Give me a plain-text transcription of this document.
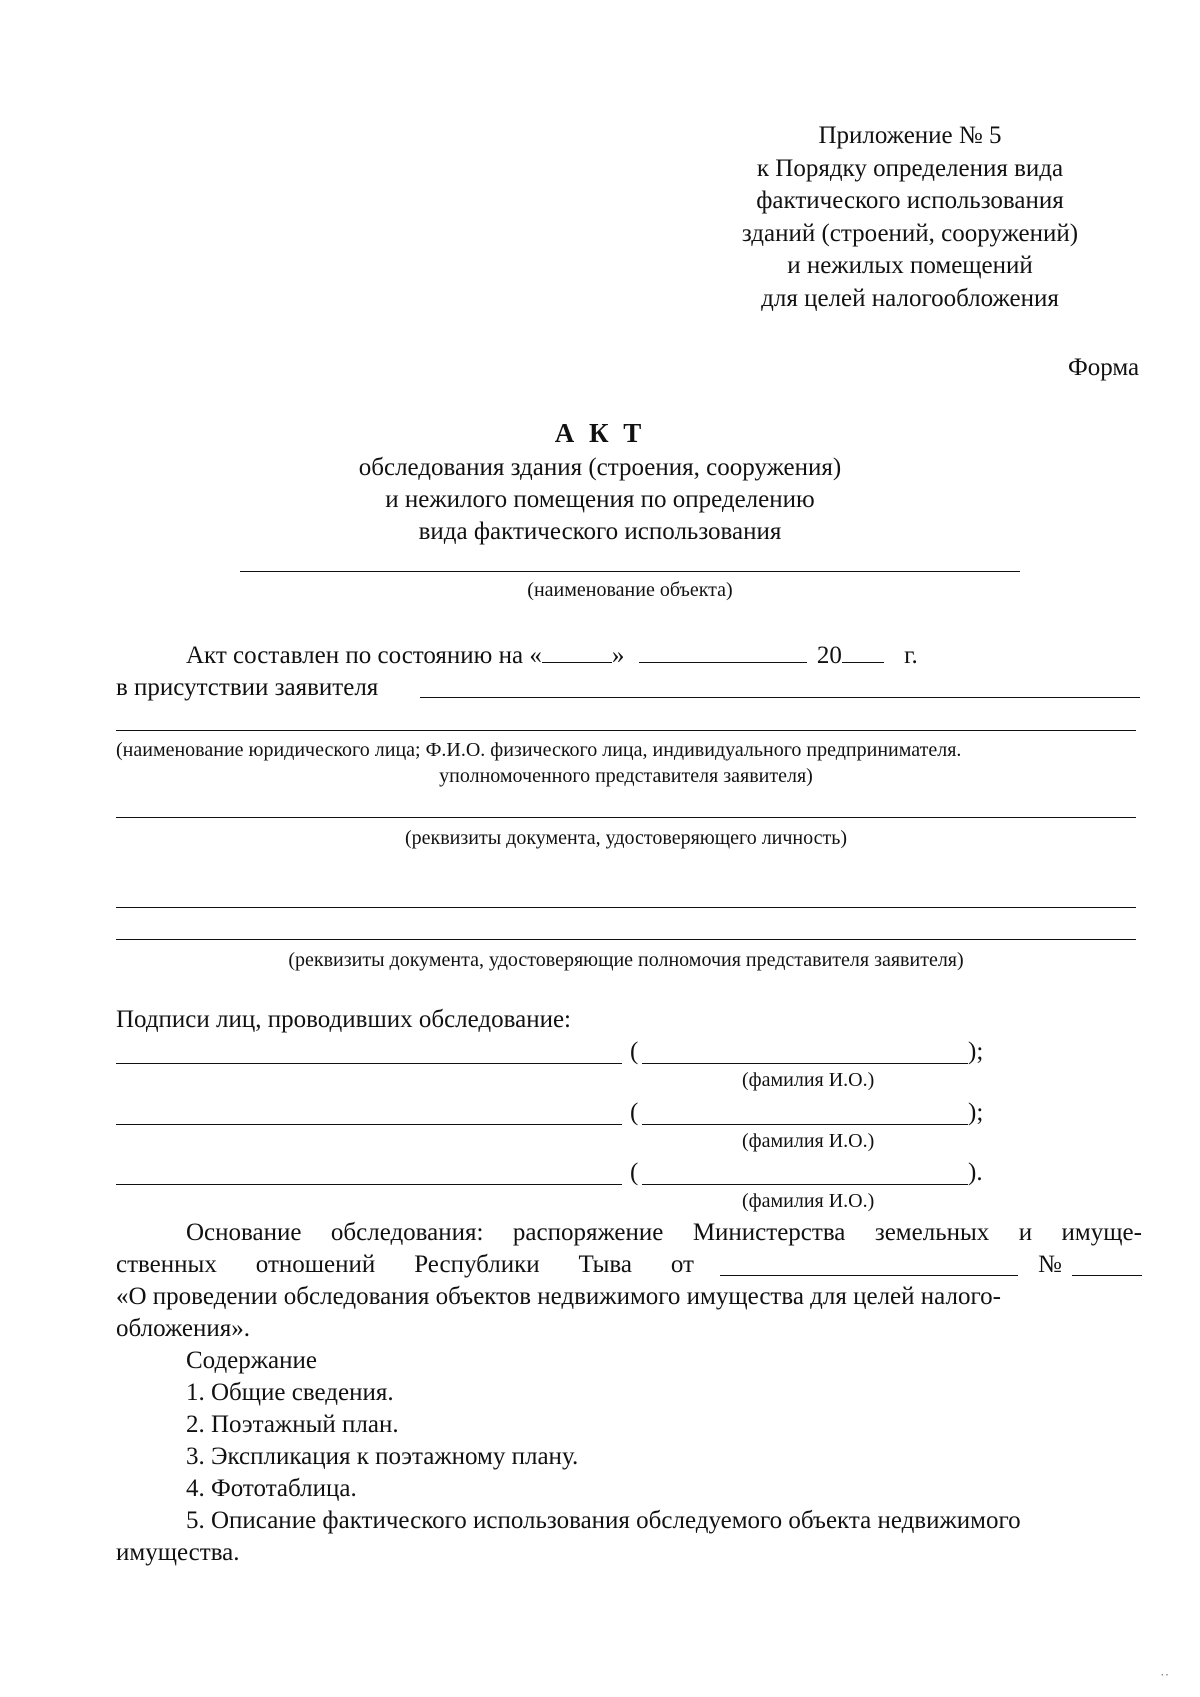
Приложение № 5
к Порядку определения вида
фактического использования
зданий (строений, сооружений)
и нежилых помещений
для целей налогообложения
Форма
А К Т
обследования здания (строения, сооружения)
и нежилого помещения по определению
вида фактического использования
(наименование объекта)
Акт составлен по состоянию на «	»	20 г.
в присутствии заявителя
(наименование юридического лица; Ф.И.О. физического лица, индивидуального предпринимателя.
уполномоченного представителя заявителя)
(реквизиты документа, удостоверяющего личность)
(реквизиты документа, удостоверяющие полномочия представителя заявителя)
Подписи лиц, проводивших обследование:
(	);
(фамилия И.О.)
(	);
(фамилия И.О.)
(	).
(фамилия И.О.)
Основание обследования: распоряжение Министерства земельных и имуще-
ственных отношений Республики Тыва от	№
«О проведении обследования объектов недвижимого имущества для целей налого-
обложения».
Содержание
1. Общие сведения.
2. Поэтажный план.
3. Экспликация к поэтажному плану.
4. Фототаблица.
5. Описание фактического использования обследуемого объекта недвижимого
имущества.
˙˙
